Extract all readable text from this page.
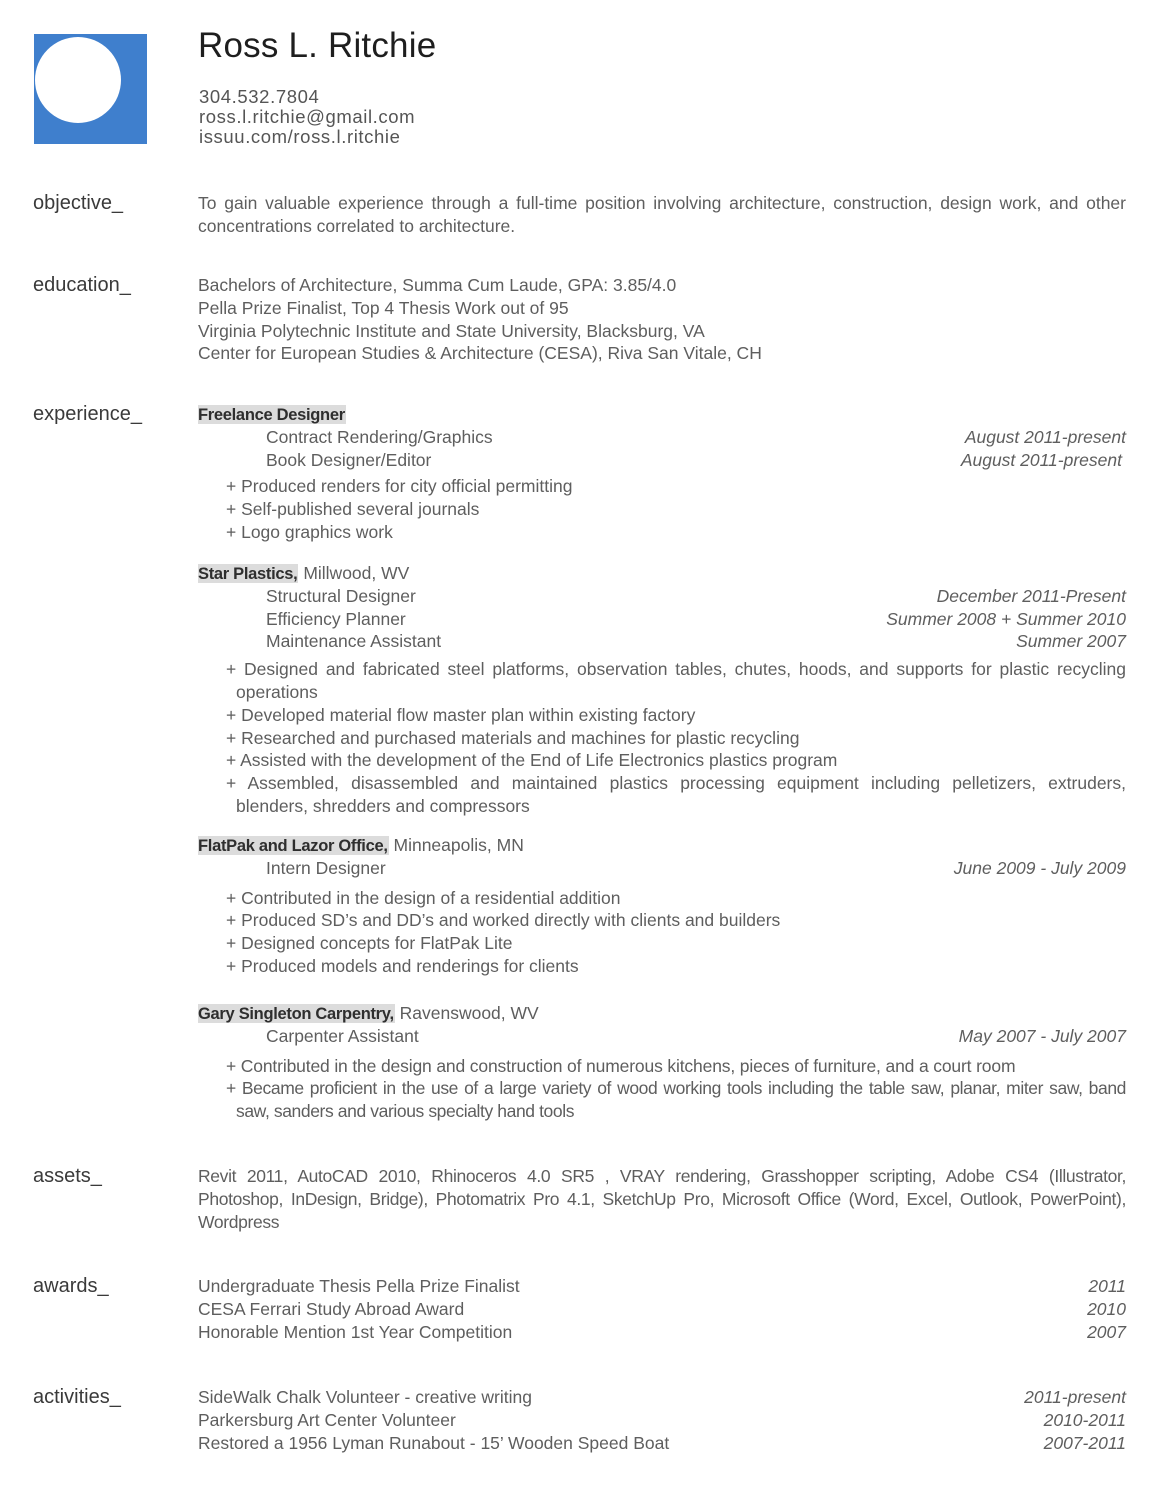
Ross L. Ritchie
304.532.7804
ross.l.ritchie@gmail.com
issuu.com/ross.l.ritchie
objective_	To gain valuable experience through a full-time position involving architecture, construction, design work, and other concentrations correlated to architecture.
education_	Bachelors of Architecture, Summa Cum Laude, GPA: 3.85/4.0
Pella Prize Finalist, Top 4 Thesis Work out of 95
Virginia Polytechnic Institute and State University, Blacksburg, VA
Center for European Studies & Architecture (CESA), Riva San Vitale, CH
experience_	Freelance Designer
Contract Rendering/Graphics	August 2011-present
Book Designer/Editor	August 2011-present
+ Produced renders for city official permitting
+ Self-published several journals
+ Logo graphics work
Star Plastics, Millwood, WV
Structural Designer	December 2011-Present
Efficiency Planner	Summer 2008 + Summer 2010
Maintenance Assistant	Summer 2007
+ Designed and fabricated steel platforms, observation tables, chutes, hoods, and supports for plastic recycling operations
+ Developed material flow master plan within existing factory
+ Researched and purchased materials and machines for plastic recycling
+ Assisted with the development of the End of Life Electronics plastics program
+ Assembled, disassembled and maintained plastics processing equipment including pelletizers, extruders, blenders, shredders and compressors
FlatPak and Lazor Office, Minneapolis, MN
Intern Designer	June 2009 - July 2009
+ Contributed in the design of a residential addition
+ Produced SD’s and DD’s and worked directly with clients and builders
+ Designed concepts for FlatPak Lite
+ Produced models and renderings for clients
Gary Singleton Carpentry, Ravenswood, WV
Carpenter Assistant	May 2007 - July 2007
+ Contributed in the design and construction of numerous kitchens, pieces of furniture, and a court room
+ Became proficient in the use of a large variety of wood working tools including the table saw, planar, miter saw, band saw, sanders and various specialty hand tools
assets_	Revit 2011, AutoCAD 2010, Rhinoceros 4.0 SR5 , VRAY rendering, Grasshopper scripting, Adobe CS4 (Illustrator, Photoshop, InDesign, Bridge), Photomatrix Pro 4.1, SketchUp Pro, Microsoft Office (Word, Excel, Outlook, PowerPoint), Wordpress
awards_	Undergraduate Thesis Pella Prize Finalist	2011
CESA Ferrari Study Abroad Award	2010
Honorable Mention 1st Year Competition	2007
activities_	SideWalk Chalk Volunteer - creative writing	2011-present
Parkersburg Art Center Volunteer	2010-2011
Restored a 1956 Lyman Runabout - 15’ Wooden Speed Boat	2007-2011
